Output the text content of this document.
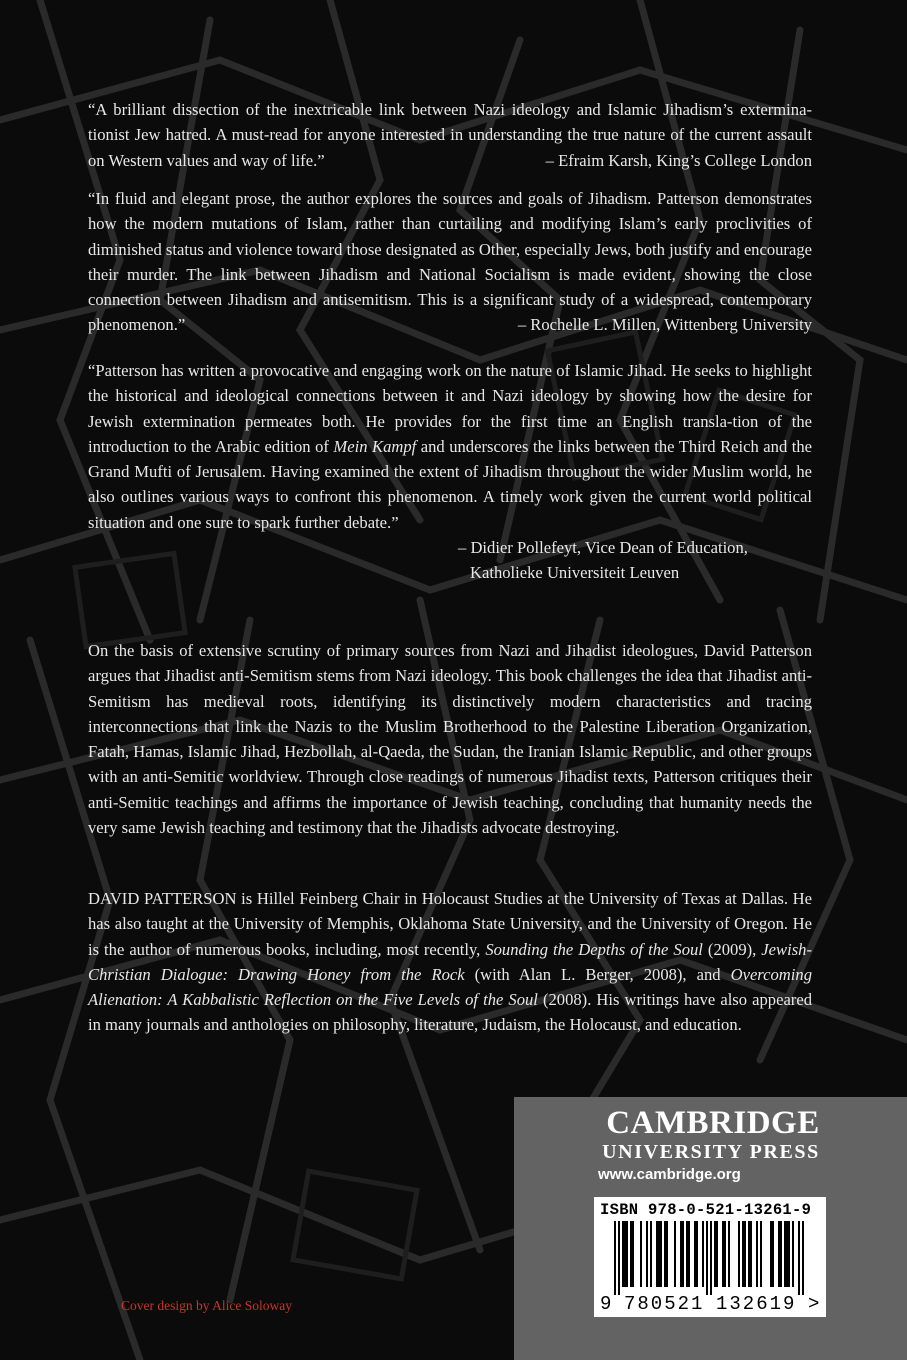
“A brilliant dissection of the inextricable link between Nazi ideology and Islamic Jihadism’s extermina-tionist Jew hatred. A must-read for anyone interested in understanding the true nature of the current assault on Western values and way of life.”	– Efraim Karsh, King’s College London

“In fluid and elegant prose, the author explores the sources and goals of Jihadism. Patterson demonstrates how the modern mutations of Islam, rather than curtailing and modifying Islam’s early proclivities of diminished status and violence toward those designated as Other, especially Jews, both justify and encourage their murder. The link between Jihadism and National Socialism is made evident, showing the close connection between Jihadism and antisemitism. This is a significant study of a widespread, contemporary phenomenon.”	– Rochelle L. Millen, Wittenberg University

“Patterson has written a provocative and engaging work on the nature of Islamic Jihad. He seeks to highlight the historical and ideological connections between it and Nazi ideology by showing how the desire for Jewish extermination permeates both. He provides for the first time an English transla-tion of the introduction to the Arabic edition of Mein Kampf and underscores the links between the Third Reich and the Grand Mufti of Jerusalem. Having examined the extent of Jihadism throughout the wider Muslim world, he also outlines various ways to confront this phenomenon. A timely work given the current world political situation and one sure to spark further debate.”

– Didier Pollefeyt, Vice Dean of Education,
Katholieke Universiteit Leuven
On the basis of extensive scrutiny of primary sources from Nazi and Jihadist ideologues, David Patterson argues that Jihadist anti-Semitism stems from Nazi ideology. This book challenges the idea that Jihadist anti-Semitism has medieval roots, identifying its distinctively modern characteristics and tracing interconnections that link the Nazis to the Muslim Brotherhood to the Palestine Liberation Organization, Fatah, Hamas, Islamic Jihad, Hezbollah, al-Qaeda, the Sudan, the Iranian Islamic Republic, and other groups with an anti-Semitic worldview. Through close readings of numerous Jihadist texts, Patterson critiques their anti-Semitic teachings and affirms the importance of Jewish teaching, concluding that humanity needs the very same Jewish teaching and testimony that the Jihadists advocate destroying.
DAVID PATTERSON is Hillel Feinberg Chair in Holocaust Studies at the University of Texas at Dallas. He has also taught at the University of Memphis, Oklahoma State University, and the University of Oregon. He is the author of numerous books, including, most recently, Sounding the Depths of the Soul (2009), Jewish-Christian Dialogue: Drawing Honey from the Rock (with Alan L. Berger, 2008), and Overcoming Alienation: A Kabbalistic Reflection on the Five Levels of the Soul (2008). His writings have also appeared in many journals and anthologies on philosophy, literature, Judaism, the Holocaust, and education.
CAMBRIDGE
UNIVERSITY PRESS
www.cambridge.org
ISBN 978-0-521-13261-9
9 780521 132619 >
Cover design by Alice Soloway
